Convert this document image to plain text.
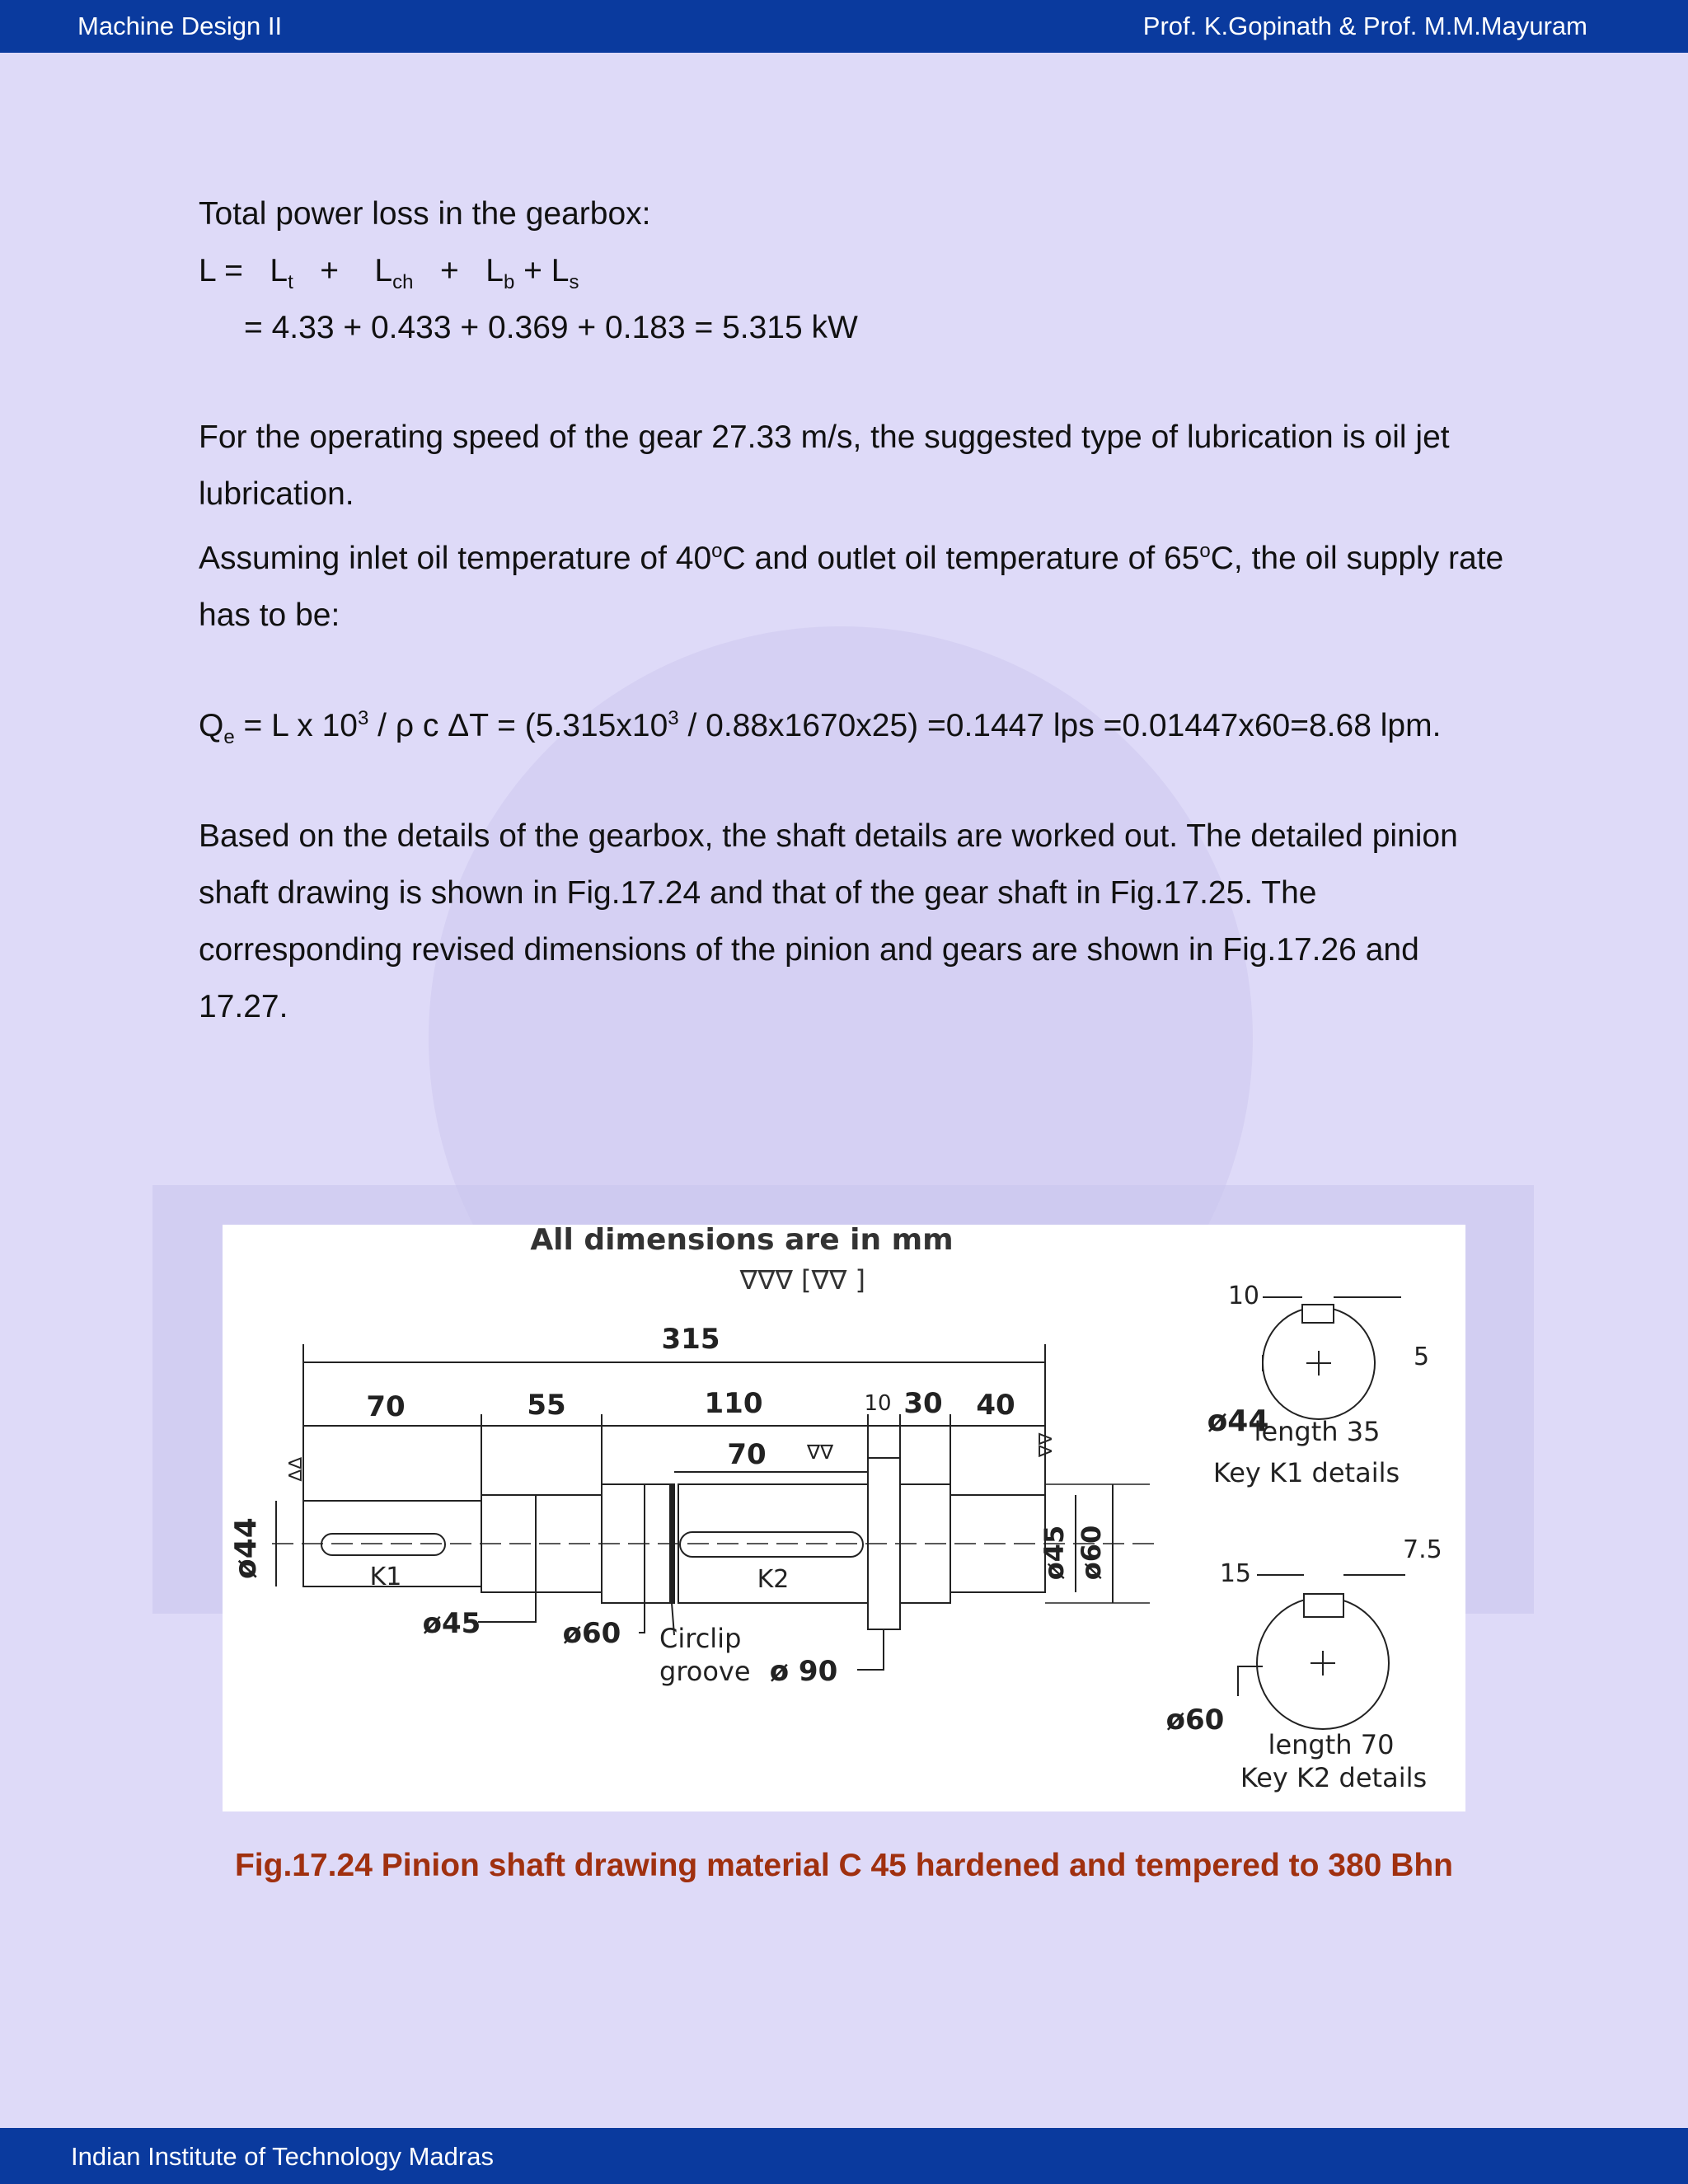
Machine Design II	Prof. K.Gopinath & Prof. M.M.Mayuram
Total power loss in the gearbox:
$L = L_t + L_{ch} + L_b + L_s$
= 4.33 + 0.433 + 0.369 + 0.183 = 5.315 kW
For the operating speed of the gear 27.33 m/s, the suggested type of lubrication is oil jet lubrication.
Assuming inlet oil temperature of 40$^o$C and outlet oil temperature of 65$^o$C, the oil supply rate has to be:
$Q_e = L$ x $10^3$ / ρ c $\Delta T = (5.315x10^3 / 0.88x1670x25) =0.1447$ lps =0.01447x60=8.68 lpm.
Based on the details of the gearbox, the shaft details are worked out. The detailed pinion shaft drawing is shown in Fig.17.24 and that of the gear shaft in Fig.17.25. The corresponding revised dimensions of the pinion and gears are shown in Fig.17.26 and 17.27.
All dimensions are in mm
∇∇∇ [∇∇ ]
315
70	55	110	10 30 40
70 ∇∇
∇∇
∇∇
K1	K2
ø44
ø45	ø60 Circlip
groove ø 90
ø45 ø60
10
5
ø44
length 35
Key K1 details
15
7.5
ø60
length 70
Key K2 details
Fig.17.24 Pinion shaft drawing material C 45 hardened and tempered to 380 Bhn
Indian Institute of Technology Madras
